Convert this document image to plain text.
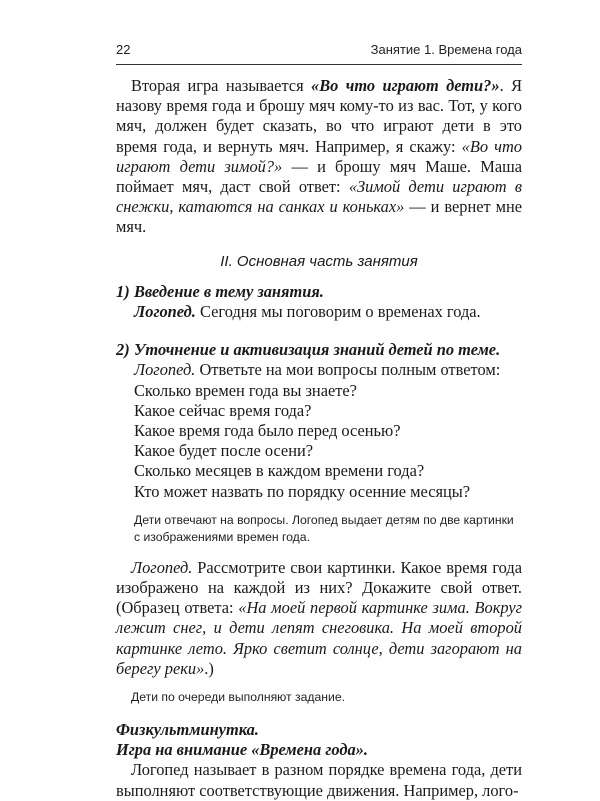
22	Занятие 1. Времена года

Вторая игра называется «Во что играют дети?». Я назову время года и брошу мяч кому-то из вас. Тот, у кого мяч, должен будет сказать, во что играют дети в это время года, и вернуть мяч. Например, я скажу: «Во что играют дети зимой?» — и брошу мяч Маше. Маша поймает мяч, даст свой ответ: «Зимой дети играют в снежки, катаются на санках и коньках» — и вернет мне мяч.

II. Основная часть занятия
1) Введение в тему занятия.

Логопед. Сегодня мы поговорим о временах года.

2) Уточнение и активизация знаний детей по теме.

Логопед. Ответьте на мои вопросы полным ответом:

Сколько времен года вы знаете?

Какое сейчас время года?

Какое время года было перед осенью?

Какое будет после осени?

Сколько месяцев в каждом времени года?

Кто может назвать по порядку осенние месяцы?

Дети отвечают на вопросы. Логопед выдает детям по две картинки с изображениями времен года.

Логопед. Рассмотрите свои картинки. Какое время года изображено на каждой из них? Докажите свой ответ. (Образец ответа: «На моей первой картинке зима. Вокруг лежит снег, и дети лепят снеговика. На моей второй картинке лето. Ярко светит солнце, дети загорают на берегу реки».)

Дети по очереди выполняют задание.

Физкультминутка.

Игра на внимание «Времена года».

Логопед называет в разном порядке времена года, дети выполняют соответствующие движения. Например, лого-
